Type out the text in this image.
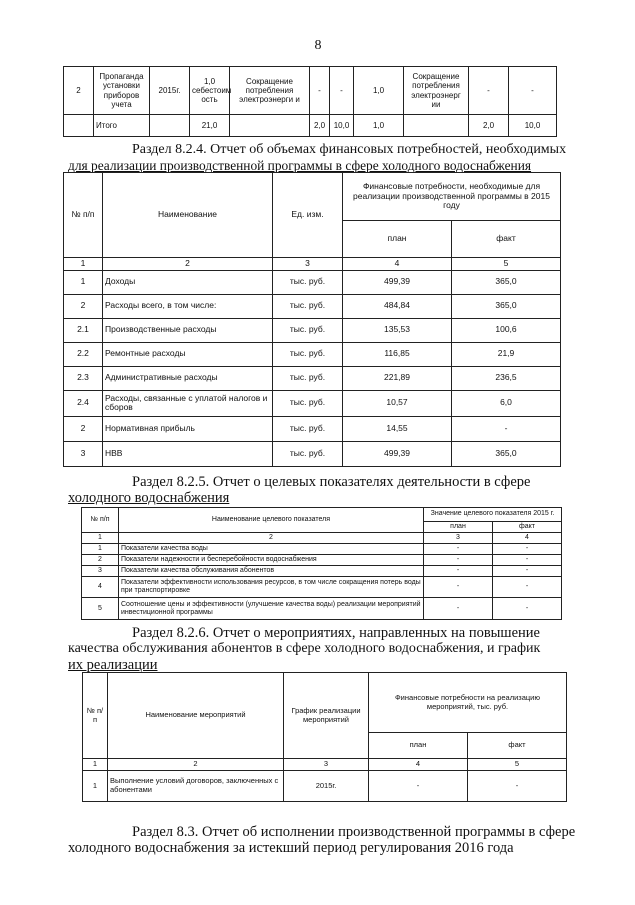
8
2	Пропаганда установки приборов учета	2015г.	1,0 себестоим ость	Сокращение потребления электроэнерги и	-	-	1,0	Сокращение потребления электроэнерг ии	-	-
	Итого		21,0		2,0	10,0	1,0		2,0	10,0
Раздел 8.2.4. Отчет об объемах финансовых потребностей, необходимых
для реализации производственной программы в сфере холодного водоснабжения
№ п/п	Наименование	Ед. изм.	Финансовые потребности, необходимые для реализации производственной программы в 2015 году	
			план	факт
1	2	3	4	5
1	Доходы	тыс. руб.	499,39	365,0
2	Расходы всего, в том числе:	тыс. руб.	484,84	365,0
2.1	Производственные расходы	тыс. руб.	135,53	100,6
2.2	Ремонтные расходы	тыс. руб.	116,85	21,9
2.3	Административные расходы	тыс. руб.	221,89	236,5
2.4	Расходы, связанные с уплатой налогов и сборов	тыс. руб.	10,57	6,0
2	Нормативная прибыль	тыс. руб.	14,55	-
3	НВВ	тыс. руб.	499,39	365,0
Раздел 8.2.5. Отчет о целевых показателях деятельности в сфере
холодного водоснабжения
№ п/п	Наименование целевого показателя	Значение целевого показателя 2015 г.	
		план	факт
1	2	3	4
1	Показатели качества воды	-	-
2	Показатели надежности и бесперебойности водоснабжения	-	-
3	Показатели качества обслуживания абонентов	-	-
4	Показатели эффективности использования ресурсов, в том числе сокращения потерь воды при транспортировке	-	-
5	Соотношение цены и эффективности (улучшение качества воды) реализации мероприятий инвестиционной программы	-	-
Раздел 8.2.6. Отчет о мероприятиях, направленных на повышение
качества обслуживания абонентов в сфере холодного водоснабжения, и график
их реализации
№ п/п	Наименование мероприятий	График реализации мероприятий	Финансовые потребности на реализацию мероприятий, тыс. руб.	
			план	факт
1	2	3	4	5
1	Выполнение условий договоров, заключенных с абонентами	2015г.	-	-
Раздел 8.3. Отчет об исполнении производственной программы в сфере
холодного водоснабжения за истекший период регулирования 2016 года
